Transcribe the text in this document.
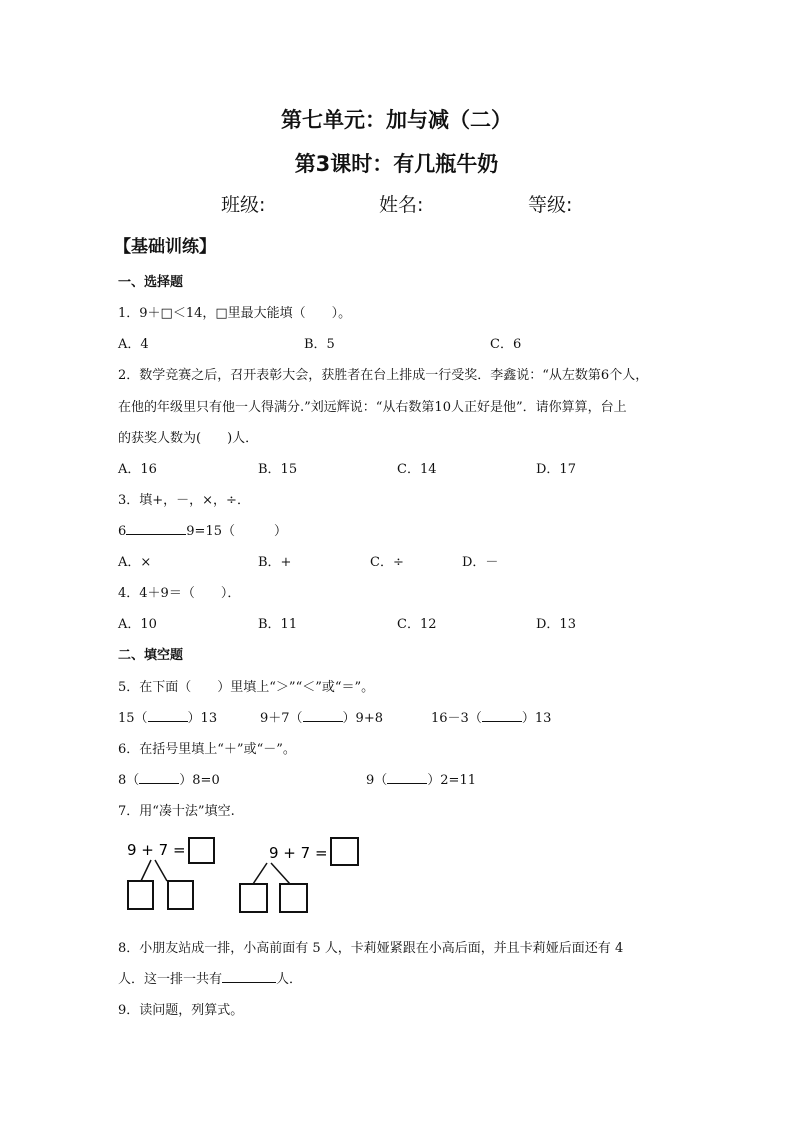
第七单元：加与减（二）
第3课时：有几瓶牛奶
班级:	姓名:	等级:
【基础训练】
一、选择题
1．9＋□＜14，□里最大能填（　　）。
A．4	B．5	C．6
2．数学竞赛之后，召开表彰大会，获胜者在台上排成一行受奖．李鑫说：“从左数第6个人，
在他的年级里只有他一人得满分.”刘远辉说：“从右数第10人正好是他”．请你算算，台上
的获奖人数为(　　)人．
A．16	B．15	C．14	D．17
3．填+，－，×，÷．
6	9=15（　　　）
A．×	B．+	C．÷	D．－
4．4＋9＝（　　）．
A．10	B．11	C．12	D．13
二、填空题
5．在下面（　　）里填上“＞”“＜”或“＝”。
15（	）13	9＋7（	）9+8	16－3（	）13
6．在括号里填上“＋”或“－”。
8（	）8=0	9（	）2=11
7．用“凑十法”填空.
9 + 7 =	9 + 7 =
8．小朋友站成一排，小高前面有 5 人，卡莉娅紧跟在小高后面，并且卡莉娅后面还有 4
人．这一排一共有	人．
9．读问题，列算式。
